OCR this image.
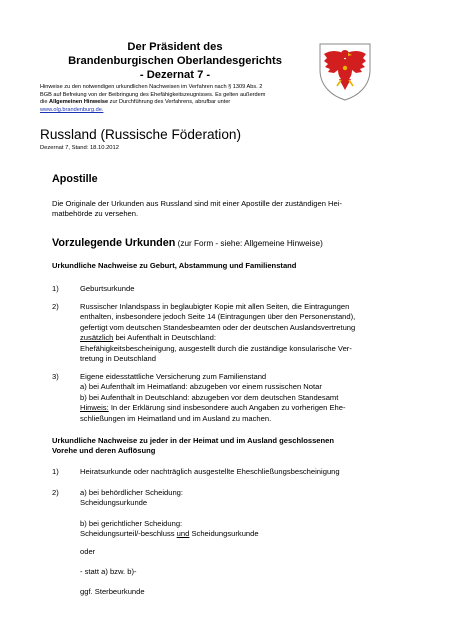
Der Präsident des
Brandenburgischen Oberlandesgerichts
- Dezernat 7 -
Hinweise zu den notwendigen urkundlichen Nachweisen im Verfahren nach § 1309 Abs. 2
BGB auf Befreiung von der Beibringung des Ehefähigkeitszeugnisses. Es gelten außerdem
die Allgemeinen Hinweise zur Durchführung des Verfahrens, abrufbar unter
www.olg.brandenburg.de.
Russland (Russische Föderation)
Dezernat 7, Stand: 18.10.2012
Apostille
Die Originale der Urkunden aus Russland sind mit einer Apostille der zuständigen Hei-
matbehörde zu versehen.
Vorzulegende Urkunden (zur Form - siehe: Allgemeine Hinweise)
Urkundliche Nachweise zu Geburt, Abstammung und Familienstand
1)	Geburtsurkunde
2)	Russischer Inlandspass in beglaubigter Kopie mit allen Seiten, die Eintragungen
enthalten, insbesondere jedoch Seite 14 (Eintragungen über den Personenstand),
gefertigt vom deutschen Standesbeamten oder der deutschen Auslandsvertretung
zusätzlich bei Aufenthalt in Deutschland:
Ehefähigkeitsbescheinigung, ausgestellt durch die zuständige konsularische Ver-
tretung in Deutschland
3)	Eigene eidesstattliche Versicherung zum Familienstand
a) bei Aufenthalt im Heimatland: abzugeben vor einem russischen Notar
b) bei Aufenthalt in Deutschland: abzugeben vor dem deutschen Standesamt
Hinweis: In der Erklärung sind insbesondere auch Angaben zu vorherigen Ehe-
schließungen im Heimatland und im Ausland zu machen.
Urkundliche Nachweise zu jeder in der Heimat und im Ausland geschlossenen
Vorehe und deren Auflösung
1)	Heiratsurkunde oder nachträglich ausgestellte Eheschließungsbescheinigung
2)	a) bei behördlicher Scheidung:
Scheidungsurkunde
b) bei gerichtlicher Scheidung:
Scheidungsurteil/-beschluss und Scheidungsurkunde
oder
- statt a) bzw. b)-
ggf. Sterbeurkunde
